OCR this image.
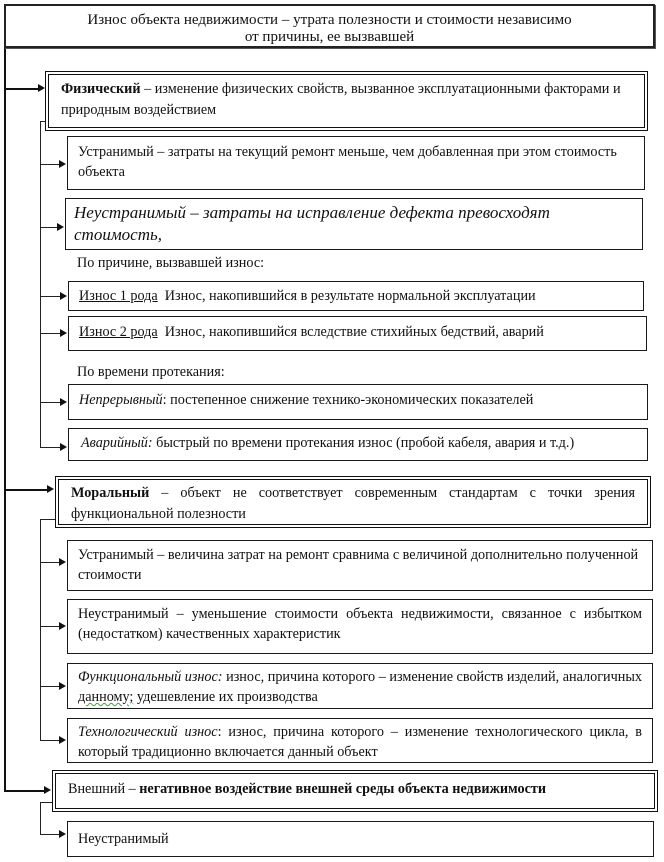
Износ объекта недвижимости – утрата полезности и стоимости независимо
от причины, ее вызвавшей
Физический – изменение физических свойств, вызванное эксплуатационными факторами и природным воздействием
Устранимый – затраты на текущий ремонт меньше, чем добавленная при этом стоимость объекта
Неустранимый – затраты на исправление дефекта превосходят стоимость,
По причине, вызвавшей износ:
Износ 1 рода Износ, накопившийся в результате нормальной эксплуатации
Износ 2 рода Износ, накопившийся вследствие стихийных бедствий, аварий
По времени протекания:
Непрерывный: постепенное снижение технико-экономических показателей
Аварийный: быстрый по времени протекания износ (пробой кабеля, авария и т.д.)
Моральный – объект не соответствует современным стандартам с точки зрения функциональной полезности
Устранимый – величина затрат на ремонт сравнима с величиной дополнительно полученной стоимости
Неустранимый – уменьшение стоимости объекта недвижимости, связанное с избытком (недостатком) качественных характеристик
Функциональный износ: износ, причина которого – изменение свойств изделий, аналогичных данному; удешевление их производства
Технологический износ: износ, причина которого – изменение технологического цикла, в который традиционно включается данный объект
Внешний – негативное воздействие внешней среды объекта недвижимости
Неустранимый
